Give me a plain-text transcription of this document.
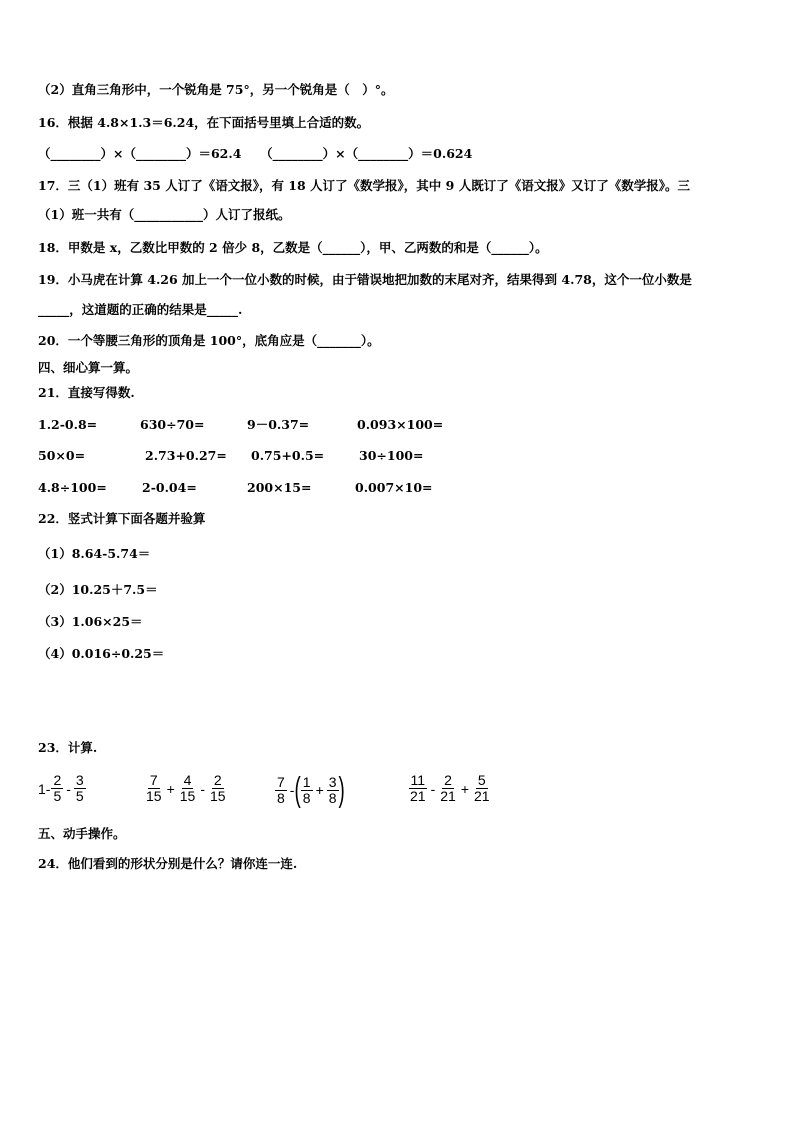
（2）直角三角形中，一个锐角是 75°，另一个锐角是（　）°。
16．根据 4.8×1.3＝6.24，在下面括号里填上合适的数。
（________）×（________）＝62.4　　（________）×（________）＝0.624
17．三（1）班有 35 人订了《语文报》，有 18 人订了《数学报》，其中 9 人既订了《语文报》又订了《数学报》。三
（1）班一共有（___________）人订了报纸。
18．甲数是 x，乙数比甲数的 2 倍少 8，乙数是（______），甲、乙两数的和是（______）。
19．小马虎在计算 4.26 加上一个一位小数的时候，由于错误地把加数的末尾对齐，结果得到 4.78，这个一位小数是
_____，这道题的正确的结果是_____.
20．一个等腰三角形的顶角是 100°，底角应是（_______）。
四、细心算一算。
21．直接写得数.
1.2-0.8=	630÷70=	9－0.37=	0.093×100=
50×0=	2.73+0.27= 0.75+0.5=	30÷100=
4.8÷100=	2-0.04=	200×15=	0.007×10=
22．竖式计算下面各题并验算
（1）8.64-5.74＝
（2）10.25＋7.5＝
（3）1.06×25＝
（4）0.016÷0.25＝
23．计算.
$1- \frac{2}{5} - \frac{3}{5}$	$\frac{7}{15} + \frac{4}{15} - \frac{2}{15}$	$\frac{7}{8}$ - ( $\frac{1}{8} + \frac{3}{8}$ )	$\frac{11}{21} - \frac{2}{21} + \frac{5}{21}$
五、动手操作。
24．他们看到的形状分别是什么？请你连一连.
